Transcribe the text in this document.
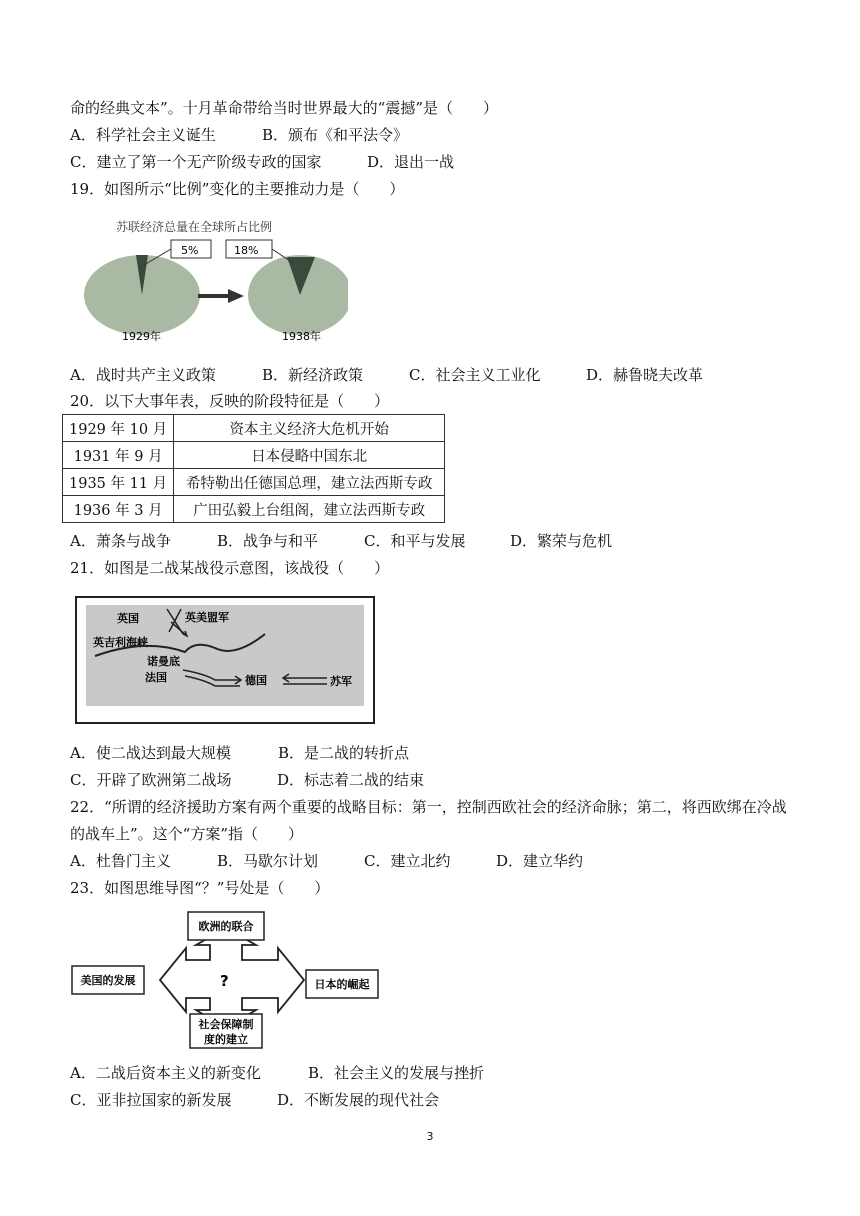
命的经典文本”。十月革命带给当时世界最大的“震撼”是（　　）
A．科学社会主义诞生	B．颁布《和平法令》
C．建立了第一个无产阶级专政的国家	D．退出一战
19．如图所示“比例”变化的主要推动力是（　　）
苏联经济总量在全球所占比例
5%
1929年
18%
1938年
A．战时共产主义政策	B．新经济政策	C．社会主义工业化	D．赫鲁晓夫改革
20．以下大事年表，反映的阶段特征是（　　）
1929 年 10 月	资本主义经济大危机开始
1931 年 9 月	日本侵略中国东北
1935 年 11 月	希特勒出任德国总理，建立法西斯专政
1936 年 3 月	广田弘毅上台组阁，建立法西斯专政
A．萧条与战争	B．战争与和平	C．和平与发展	D．繁荣与危机
21．如图是二战某战役示意图，该战役（　　）
英国	英美盟军
英吉利海峡
诺曼底
法国	德国	苏军
A．使二战达到最大规模	B．是二战的转折点
C．开辟了欧洲第二战场	D．标志着二战的结束
22．“所谓的经济援助方案有两个重要的战略目标：第一，控制西欧社会的经济命脉；第二，将西欧绑在冷战
的战车上”。这个“方案”指（　　）
A．杜鲁门主义	B．马歇尔计划	C．建立北约	D．建立华约
23．如图思维导图“？”号处是（　　）
?
欧洲的联合
美国的发展	日本的崛起
社会保障制
度的建立
A．二战后资本主义的新变化	B．社会主义的发展与挫折
C．亚非拉国家的新发展	D．不断发展的现代社会
3
